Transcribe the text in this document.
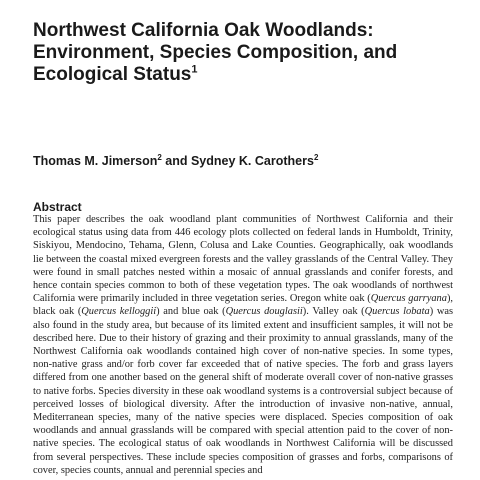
Northwest California Oak Woodlands:
Environment, Species Composition, and
Ecological Status$^1$
Thomas M. Jimerson$^2$ and Sydney K. Carothers$^2$
Abstract

This paper describes the oak woodland plant communities of Northwest California and their ecological status using data from 446 ecology plots collected on federal lands in Humboldt, Trinity, Siskiyou, Mendocino, Tehama, Glenn, Colusa and Lake Counties. Geographically, oak woodlands lie between the coastal mixed evergreen forests and the valley grasslands of the Central Valley. They were found in small patches nested within a mosaic of annual grasslands and conifer forests, and hence contain species common to both of these vegetation types. The oak woodlands of northwest California were primarily included in three vegetation series. Oregon white oak (Quercus garryana), black oak (Quercus kelloggii) and blue oak (Quercus douglasii). Valley oak (Quercus lobata) was also found in the study area, but because of its limited extent and insufficient samples, it will not be described here. Due to their history of grazing and their proximity to annual grasslands, many of the Northwest California oak woodlands contained high cover of non-native species. In some types, non-native grass and/or forb cover far exceeded that of native species. The forb and grass layers differed from one another based on the general shift of moderate overall cover of non-native grasses to native forbs. Species diversity in these oak woodland systems is a controversial subject because of perceived losses of biological diversity. After the introduction of invasive non-native, annual, Mediterranean species, many of the native species were displaced. Species composition of oak woodlands and annual grasslands will be compared with special attention paid to the cover of non-native species. The ecological status of oak woodlands in Northwest California will be discussed from several perspectives. These include species composition of grasses and forbs, comparisons of cover, species counts, annual and perennial species and
